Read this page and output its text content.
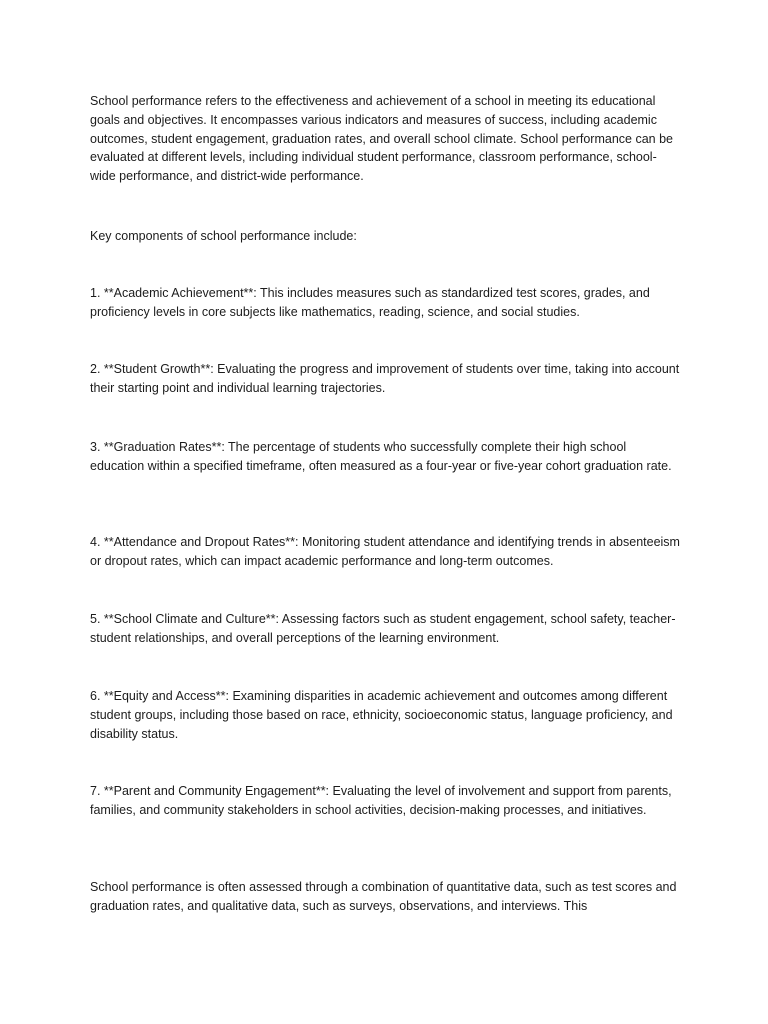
School performance refers to the effectiveness and achievement of a school in meeting its educational goals and objectives. It encompasses various indicators and measures of success, including academic outcomes, student engagement, graduation rates, and overall school climate. School performance can be evaluated at different levels, including individual student performance, classroom performance, school-wide performance, and district-wide performance.

Key components of school performance include:

1. **Academic Achievement**: This includes measures such as standardized test scores, grades, and proficiency levels in core subjects like mathematics, reading, science, and social studies.

2. **Student Growth**: Evaluating the progress and improvement of students over time, taking into account their starting point and individual learning trajectories.

3. **Graduation Rates**: The percentage of students who successfully complete their high school education within a specified timeframe, often measured as a four-year or five-year cohort graduation rate.

4. **Attendance and Dropout Rates**: Monitoring student attendance and identifying trends in absenteeism or dropout rates, which can impact academic performance and long-term outcomes.

5. **School Climate and Culture**: Assessing factors such as student engagement, school safety, teacher-student relationships, and overall perceptions of the learning environment.

6. **Equity and Access**: Examining disparities in academic achievement and outcomes among different student groups, including those based on race, ethnicity, socioeconomic status, language proficiency, and disability status.

7. **Parent and Community Engagement**: Evaluating the level of involvement and support from parents, families, and community stakeholders in school activities, decision-making processes, and initiatives.

School performance is often assessed through a combination of quantitative data, such as test scores and graduation rates, and qualitative data, such as surveys, observations, and interviews. This
